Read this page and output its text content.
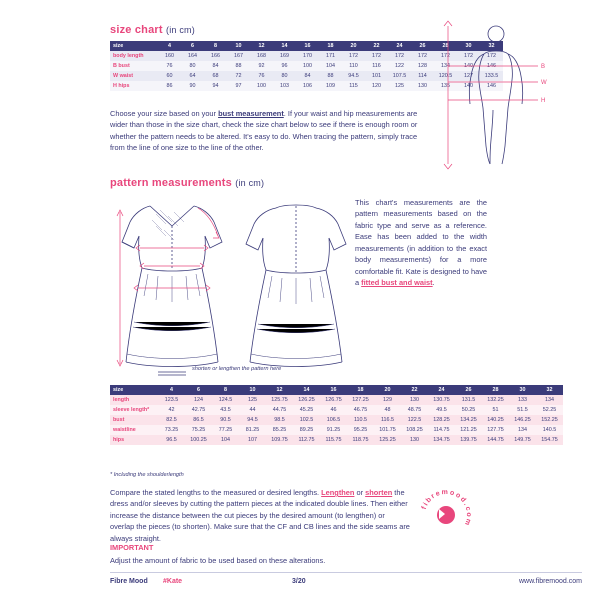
size chart (in cm)
size	4	6	8	10	12	14	16	18	20	22	24	26	28	30	32
body length	160	164	166	167	168	169	170	171	172	172	172	172	172	172	172
B bust	76	80	84	88	92	96	100	104	110	116	122	128	134	140	146
W waist	60	64	68	72	76	80	84	88	94.5	101	107.5	114	120.5	127	133.5
H hips	86	90	94	97	100	103	106	109	115	120	125	130	135	140	146
B
W
H
Choose your size based on your bust measurement. If your waist and hip measurements are wider than those in the size chart, check the size chart below to see if there is enough room or whether the pattern needs to be altered. It's easy to do. When tracing the pattern, simply trace from the line of one size to the line of the other.
pattern measurements (in cm)
This chart's measurements are the pattern measurements based on the fabric type and serve as a reference. Ease has been added to the width measurements (in addition to the exact body measurements) for a more comfortable fit. Kate is designed to have a fitted bust and waist.
shorten or lengthen the pattern here
size	4	6	8	10	12	14	16	18	20	22	24	26	28	30	32
length	123.5	124	124.5	125	125.75	126.25	126.75	127.25	129	130	130.75	131.5	132.25	133	134
sleeve length*	42	42.75	43.5	44	44.75	45.25	46	46.75	48	48.75	49.5	50.25	51	51.5	52.25
bust	82.5	86.5	90.5	94.5	98.5	102.5	106.5	110.5	116.5	122.5	128.25	134.25	140.25	146.25	152.25
waistline	73.25	75.25	77.25	81.25	85.25	89.25	91.25	95.25	101.75	108.25	114.75	121.25	127.75	134	140.5
hips	96.5	100.25	104	107	109.75	112.75	115.75	118.75	125.25	130	134.75	139.75	144.75	149.75	154.75
* Including the shoulderlength
Compare the stated lengths to the measured or desired lengths. Lengthen or shorten the dress and/or sleeves by cutting the pattern pieces at the indicated double lines. Then either increase the distance between the cut pieces by the desired amount (to lengthen) or overlap the pieces (to shorten). Make sure that the CF and CB lines and the side seams are always straight.
fibremood.com
IMPORTANT
Adjust the amount of fabric to be used based on these alterations.
Fibre Mood #Kate	3/20	www.fibremood.com
